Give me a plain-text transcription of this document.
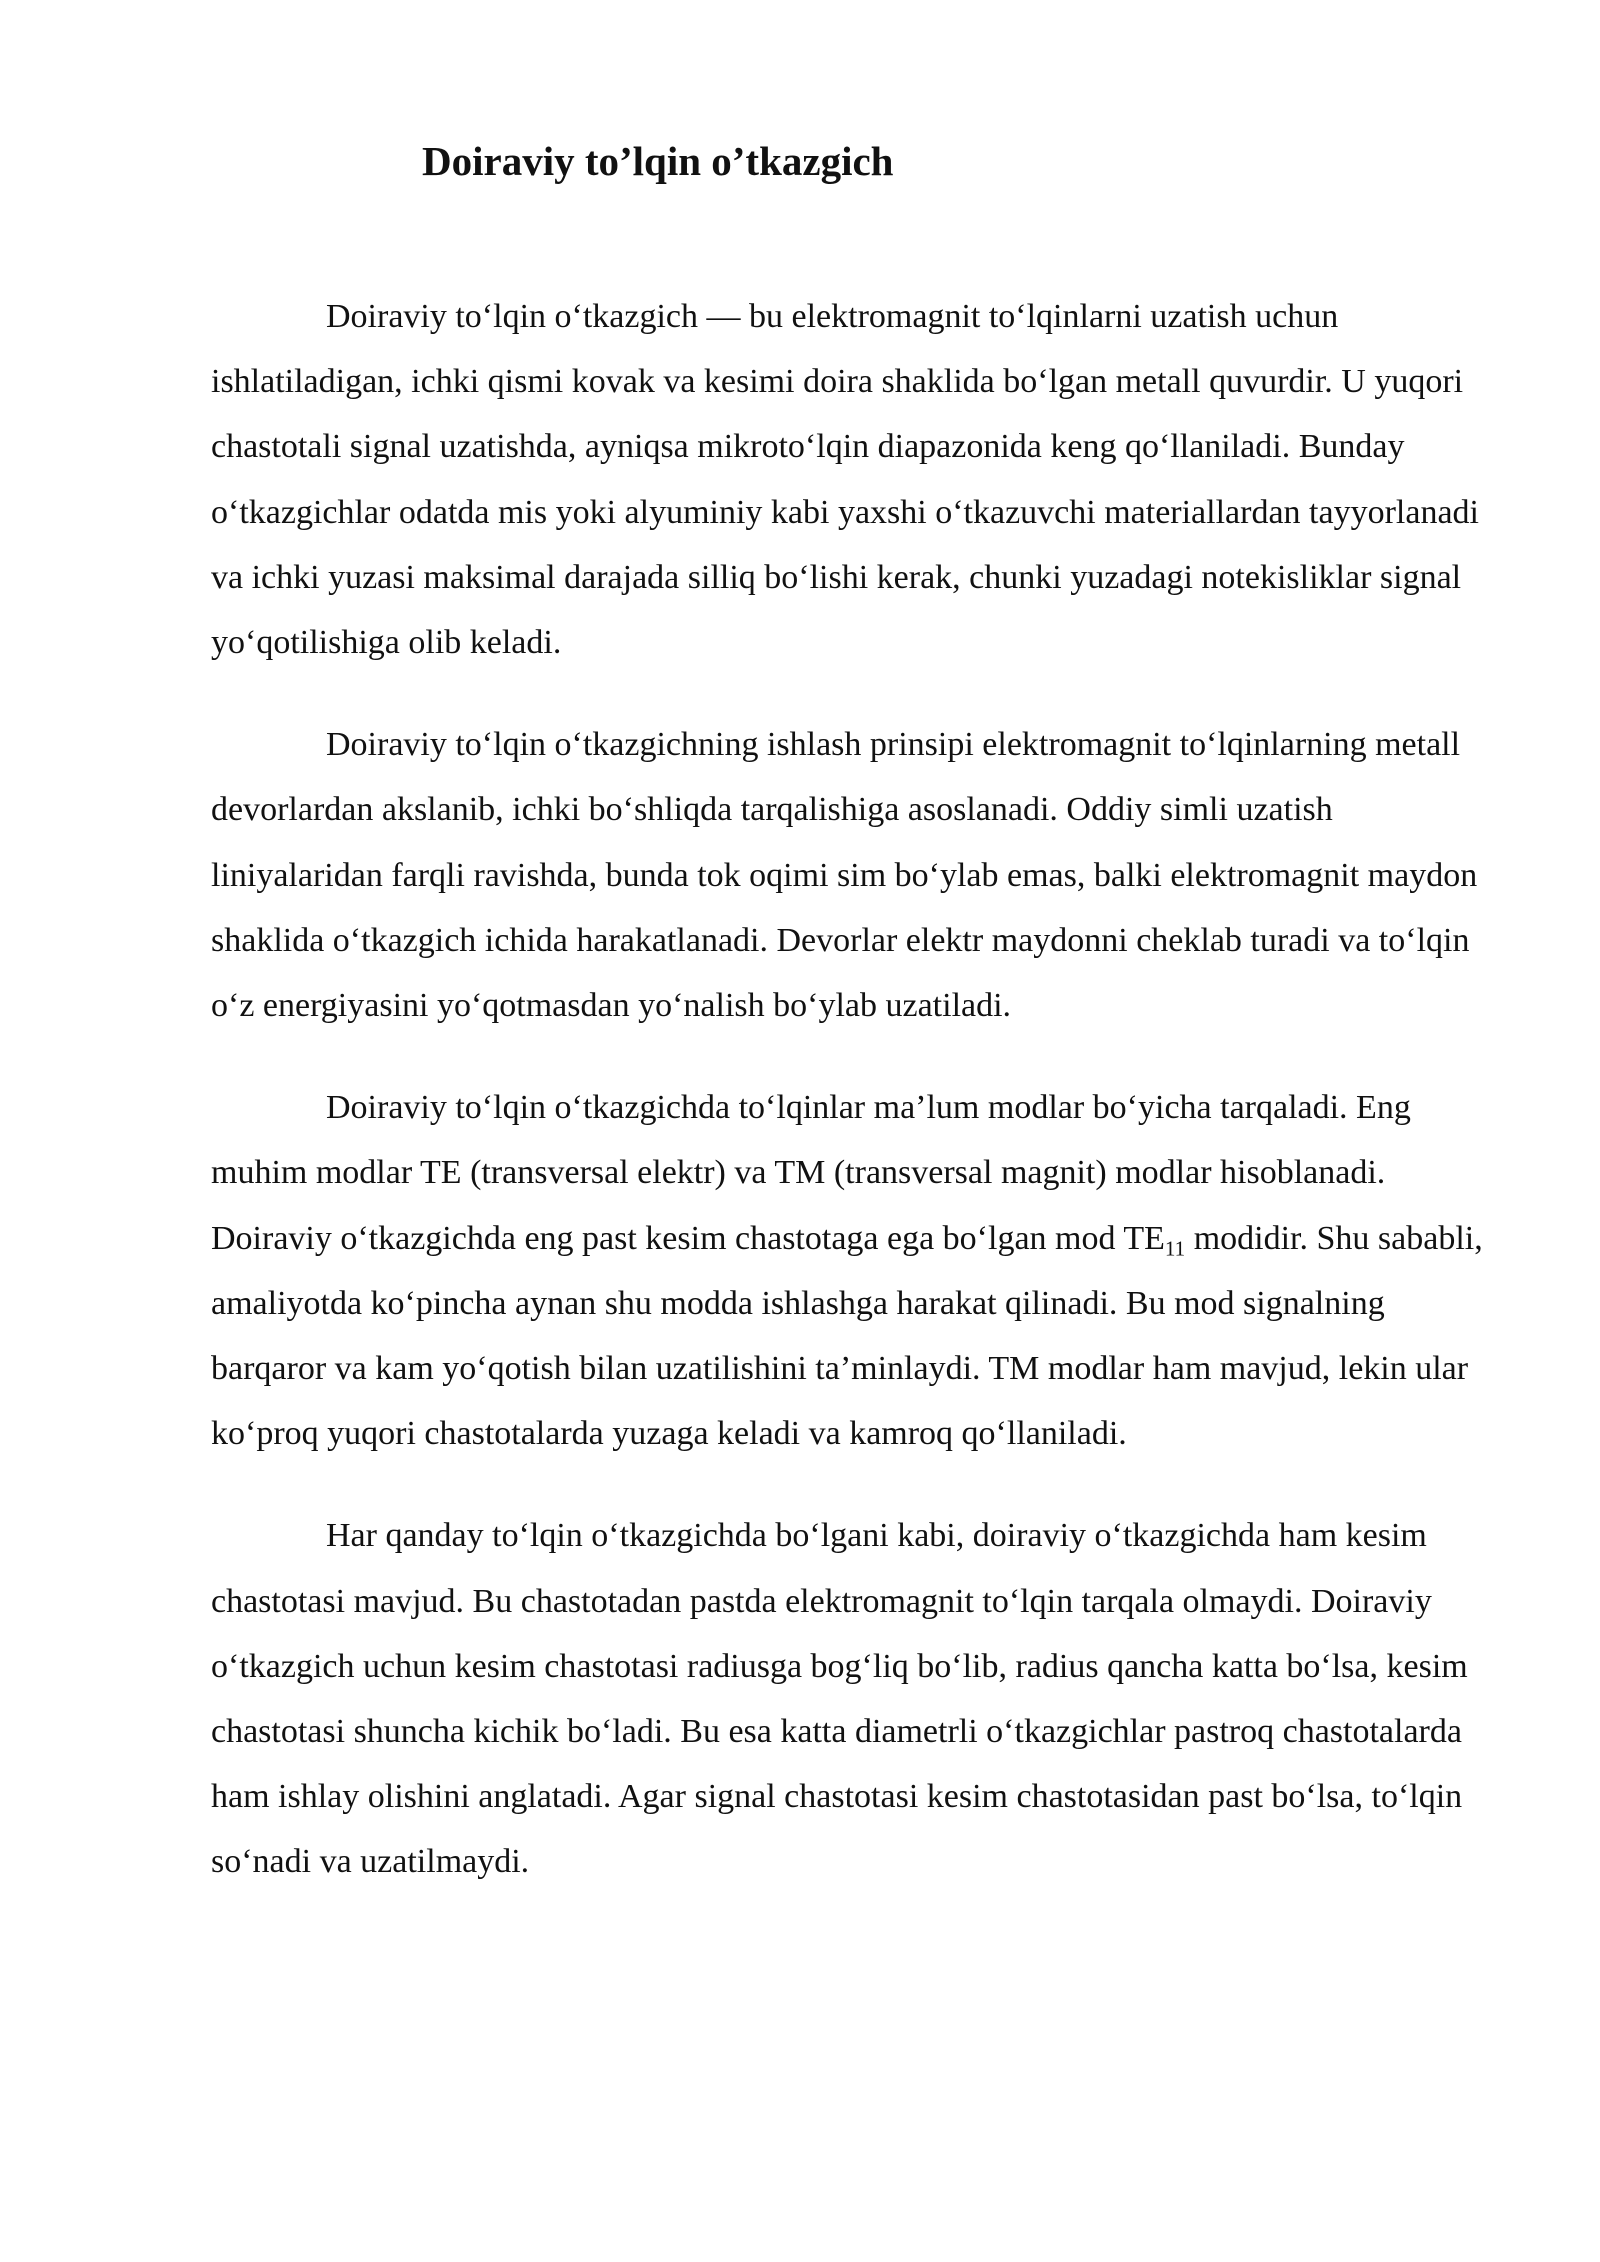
Doiraviy to’lqin o’tkazgich

Doiraviy to‘lqin o‘tkazgich — bu elektromagnit to‘lqinlarni uzatish uchun ishlatiladigan, ichki qismi kovak va kesimi doira shaklida bo‘lgan metall quvurdir. U yuqori chastotali signal uzatishda, ayniqsa mikroto‘lqin diapazonida keng qo‘llaniladi. Bunday o‘tkazgichlar odatda mis yoki alyuminiy kabi yaxshi o‘tkazuvchi materiallardan tayyorlanadi va ichki yuzasi maksimal darajada silliq bo‘lishi kerak, chunki yuzadagi notekisliklar signal yo‘qotilishiga olib keladi.

Doiraviy to‘lqin o‘tkazgichning ishlash prinsipi elektromagnit to‘lqinlarning metall devorlardan akslanib, ichki bo‘shliqda tarqalishiga asoslanadi. Oddiy simli uzatish liniyalaridan farqli ravishda, bunda tok oqimi sim bo‘ylab emas, balki elektromagnit maydon shaklida o‘tkazgich ichida harakatlanadi. Devorlar elektr maydonni cheklab turadi va to‘lqin o‘z energiyasini yo‘qotmasdan yo‘nalish bo‘ylab uzatiladi.

Doiraviy to‘lqin o‘tkazgichda to‘lqinlar ma’lum modlar bo‘yicha tarqaladi. Eng muhim modlar TE (transversal elektr) va TM (transversal magnit) modlar hisoblanadi. Doiraviy o‘tkazgichda eng past kesim chastotaga ega bo‘lgan mod $TE_{11}$ modidir. Shu sababli, amaliyotda ko‘pincha aynan shu modda ishlashga harakat qilinadi. Bu mod signalning barqaror va kam yo‘qotish bilan uzatilishini ta’minlaydi. TM modlar ham mavjud, lekin ular ko‘proq yuqori chastotalarda yuzaga keladi va kamroq qo‘llaniladi.

Har qanday to‘lqin o‘tkazgichda bo‘lgani kabi, doiraviy o‘tkazgichda ham kesim chastotasi mavjud. Bu chastotadan pastda elektromagnit to‘lqin tarqala olmaydi. Doiraviy o‘tkazgich uchun kesim chastotasi radiusga bog‘liq bo‘lib, radius qancha katta bo‘lsa, kesim chastotasi shuncha kichik bo‘ladi. Bu esa katta diametrli o‘tkazgichlar pastroq chastotalarda ham ishlay olishini anglatadi. Agar signal chastotasi kesim chastotasidan past bo‘lsa, to‘lqin so‘nadi va uzatilmaydi.
